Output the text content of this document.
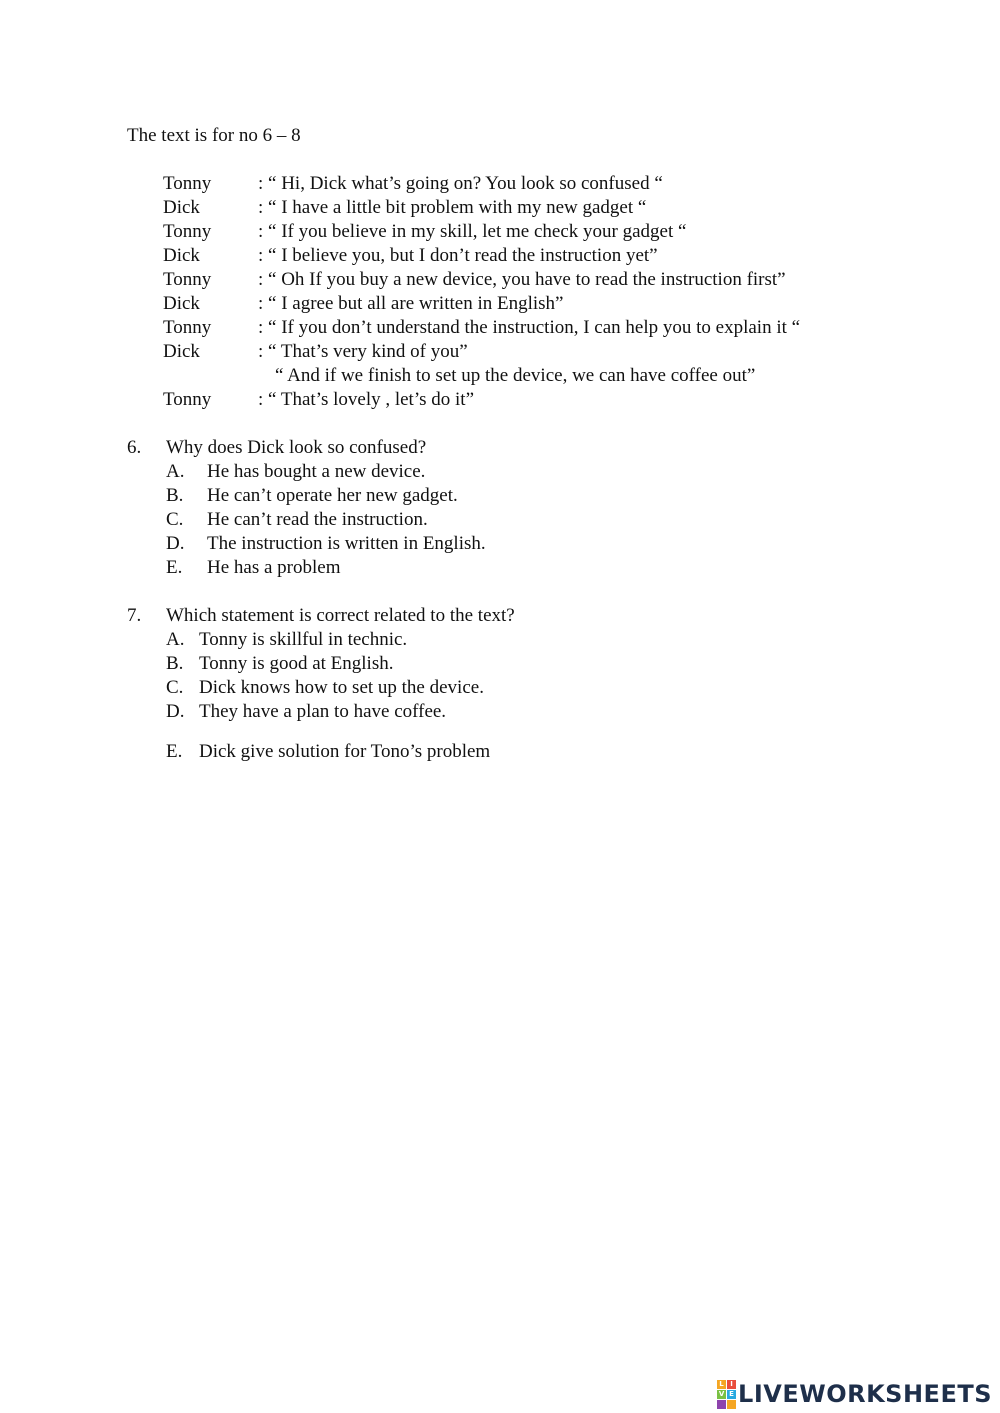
The text is for no 6 – 8
Tonny	: “ Hi, Dick what’s going on? You look so confused “
Dick	: “ I have a little bit problem with my new gadget “
Tonny	: “ If you believe in my skill, let me check your gadget “
Dick	: “ I believe you, but I don’t read the instruction yet”
Tonny	: “ Oh If you buy a new device, you have to read the instruction first”
Dick	: “ I agree but all are written in English”
Tonny	: “ If you don’t understand the instruction, I can help you to explain it “
Dick	: “ That’s very kind of you”
“ And if we finish to set up the device, we can have coffee out”
Tonny	: “ That’s lovely , let’s do it”
6.	Why does Dick look so confused?
A.	He has bought a new device.
B.	He can’t operate her new gadget.
C.	He can’t read the instruction.
D.	The instruction is written in English.
E.	He has a problem
7.	Which statement is correct related to the text?
A. Tonny is skillful in technic.
B. Tonny is good at English.
C. Dick knows how to set up the device.
D. They have a plan to have coffee.
E. Dick give solution for Tono’s problem
L I
V E LIVEWORKSHEETS
